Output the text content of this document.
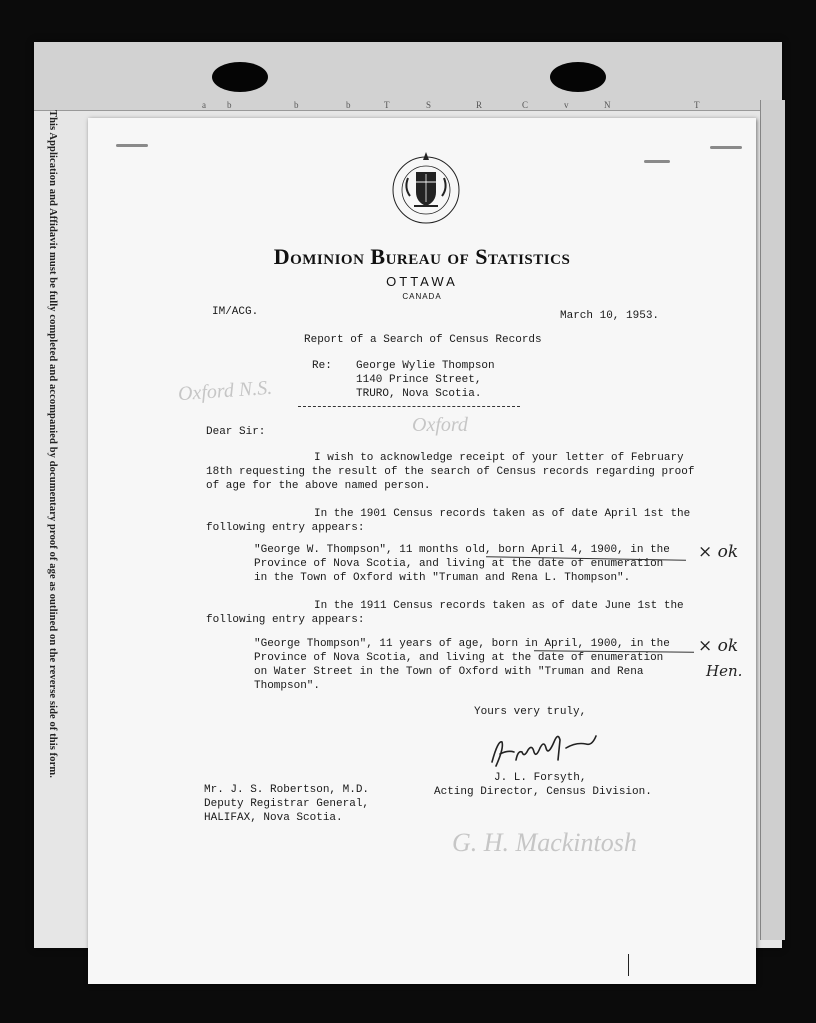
This Application and Affidavit must be fully completed and accompanied by documentary proof of age as outlined on the reverse side of this form.
a b	b	b	T	S	R	C	v	N	T
Oxford N.S.
Oxford
G. H. Mackintosh
Dominion Bureau of Statistics
OTTAWA
CANADA
IM/ACG.	March 10, 1953.
Report of a Search of Census Records
Re: George Wylie Thompson
1140 Prince Street,
TRURO, Nova Scotia.
Dear Sir:
I wish to acknowledge receipt of your letter of February
18th requesting the result of the search of Census records regarding proof
of age for the above named person.
In the 1901 Census records taken as of date April 1st the
following entry appears:
"George W. Thompson", 11 months old, born April 4, 1900, in the
Province of Nova Scotia, and living at the date of enumeration
in the Town of Oxford with "Truman and Rena L. Thompson".
× ok
In the 1911 Census records taken as of date June 1st the
following entry appears:
"George Thompson", 11 years of age, born in April, 1900, in the
Province of Nova Scotia, and living at the date of enumeration
on Water Street in the Town of Oxford with "Truman and Rena
Thompson".
× ok
Hen.
Yours very truly,
J. L. Forsyth,
Acting Director, Census Division.
Mr. J. S. Robertson, M.D.
Deputy Registrar General,
HALIFAX, Nova Scotia.
